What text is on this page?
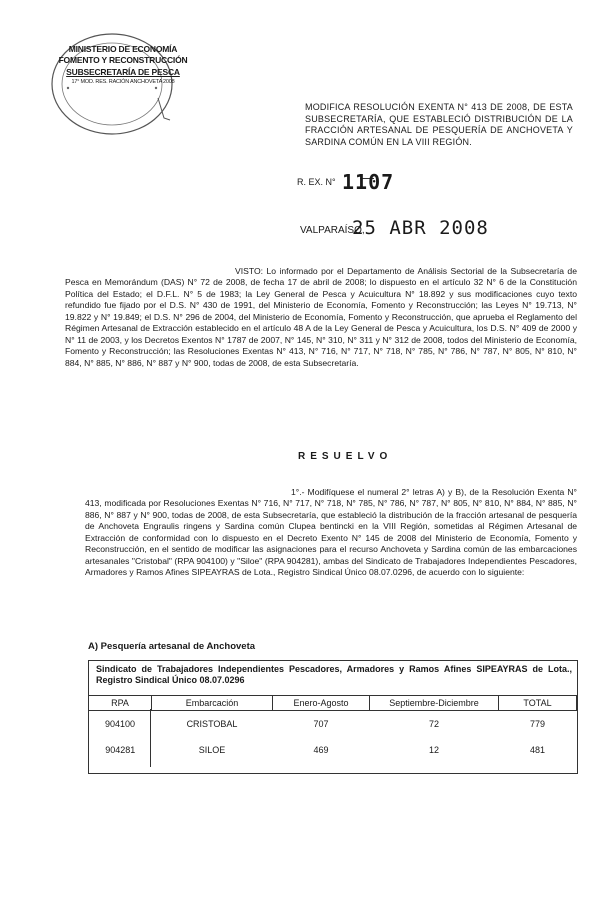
MINISTERIO DE ECONOMÍA
FOMENTO Y RECONSTRUCCIÓN
SUBSECRETARÍA DE PESCA
17° MOD. RES. RACIÓN ANCHOVETA 2008
MODIFICA RESOLUCIÓN EXENTA N° 413 DE 2008, DE ESTA SUBSECRETARÍA, QUE ESTABLECIÓ DISTRIBUCIÓN DE LA FRACCIÓN ARTESANAL DE PESQUERÍA DE ANCHOVETA Y SARDINA COMÚN EN LA VIII REGIÓN.
R. EX. N° 1107
VALPARAÍSO,
25 ABR 2008
VISTO: Lo informado por el Departamento de Análisis Sectorial de la Subsecretaría de Pesca en Memorándum (DAS) N° 72 de 2008, de fecha 17 de abril de 2008; lo dispuesto en el artículo 32 N° 6 de la Constitución Política del Estado; el D.F.L. N° 5 de 1983; la Ley General de Pesca y Acuicultura N° 18.892 y sus modificaciones cuyo texto refundido fue fijado por el D.S. N° 430 de 1991, del Ministerio de Economía, Fomento y Reconstrucción; las Leyes N° 19.713, N° 19.822 y N° 19.849; el D.S. N° 296 de 2004, del Ministerio de Economía, Fomento y Reconstrucción, que aprueba el Reglamento del Régimen Artesanal de Extracción establecido en el artículo 48 A de la Ley General de Pesca y Acuicultura, los D.S. N° 409 de 2000 y N° 11 de 2003, y los Decretos Exentos N° 1787 de 2007, N° 145, N° 310, N° 311 y N° 312 de 2008, todos del Ministerio de Economía, Fomento y Reconstrucción; las Resoluciones Exentas N° 413, N° 716, N° 717, N° 718, N° 785, N° 786, N° 787, N° 805, N° 810, N° 884, N° 885, N° 886, N° 887 y N° 900, todas de 2008, de esta Subsecretaría.
RESUELVO
1°.- Modifíquese el numeral 2° letras A) y B), de la Resolución Exenta N° 413, modificada por Resoluciones Exentas N° 716, N° 717, N° 718, N° 785, N° 786, N° 787, N° 805, N° 810, N° 884, N° 885, N° 886, N° 887 y N° 900, todas de 2008, de esta Subsecretaría, que estableció la distribución de la fracción artesanal de pesquería de Anchoveta Engraulis ringens y Sardina común Clupea bentincki en la VIII Región, sometidas al Régimen Artesanal de Extracción de conformidad con lo dispuesto en el Decreto Exento N° 145 de 2008 del Ministerio de Economía, Fomento y Reconstrucción, en el sentido de modificar las asignaciones para el recurso Anchoveta y Sardina común de las embarcaciones artesanales "Cristobal" (RPA 904100) y "Siloe" (RPA 904281), ambas del Sindicato de Trabajadores Independientes Pescadores, Armadores y Ramos Afines SIPEAYRAS de Lota., Registro Sindical Único 08.07.0296, de acuerdo con lo siguiente:
A) Pesquería artesanal de Anchoveta
Sindicato de Trabajadores Independientes Pescadores, Armadores y Ramos Afines SIPEAYRAS de Lota., Registro Sindical Único 08.07.0296
RPA	Embarcación	Enero-Agosto	Septiembre-Diciembre	TOTAL
904100	CRISTOBAL	707	72	779
904281	SILOE	469	12	481
